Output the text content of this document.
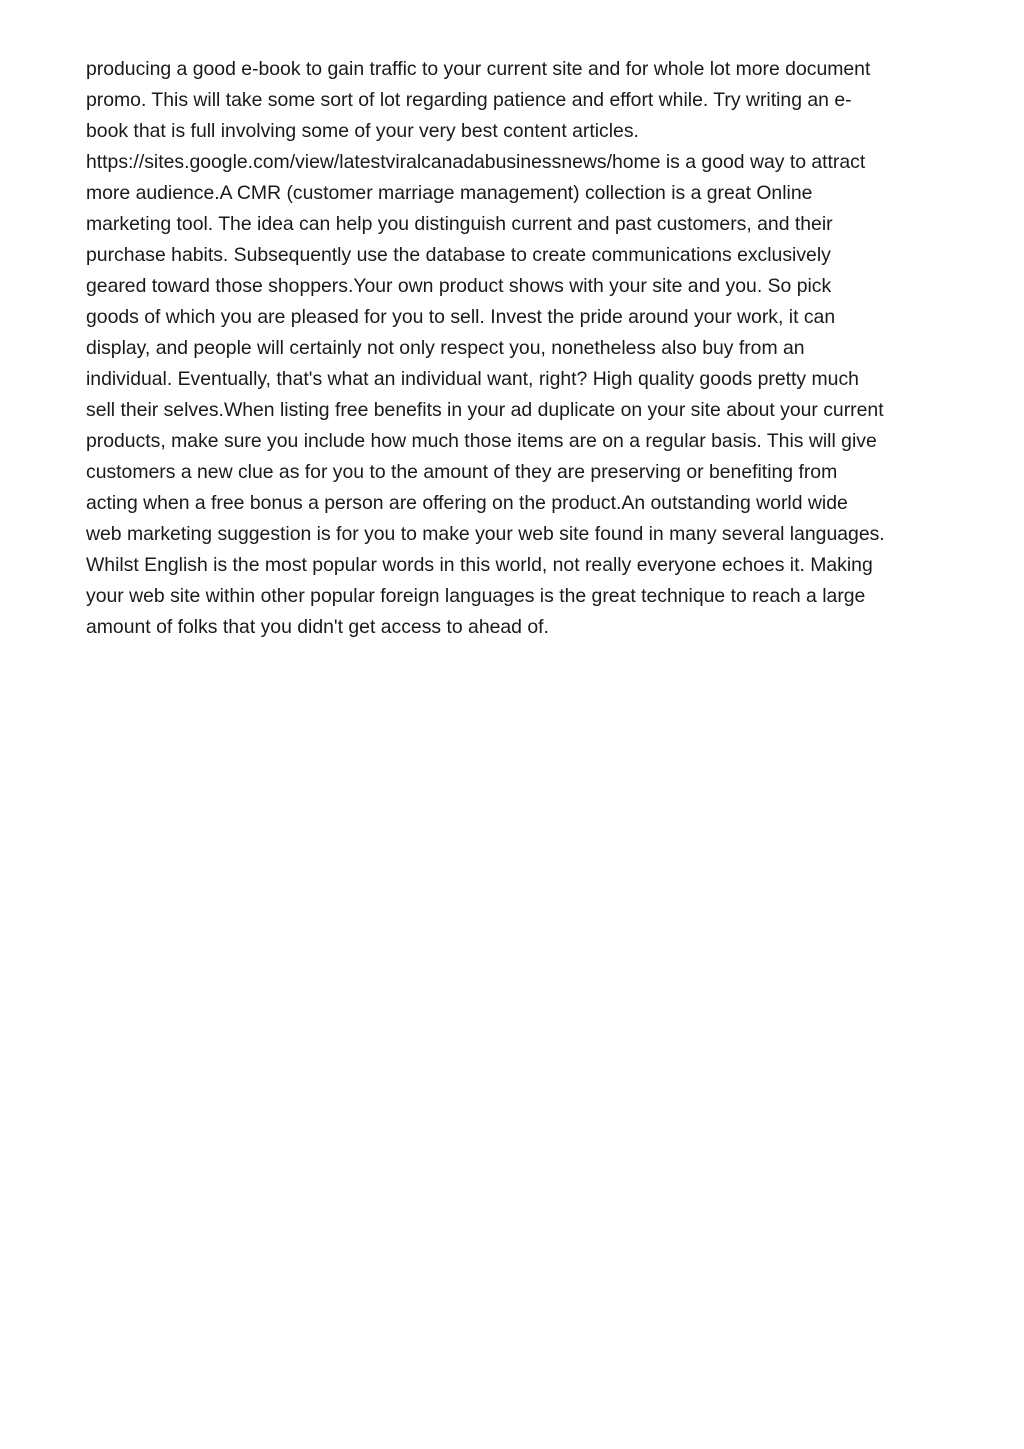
producing a good e-book to gain traffic to your current site and for whole lot more document
promo. This will take some sort of lot regarding patience and effort while. Try writing an e-
book that is full involving some of your very best content articles.
https://sites.google.com/view/latestviralcanadabusinessnews/home is a good way to attract
more audience.A CMR (customer marriage management) collection is a great Online
marketing tool. The idea can help you distinguish current and past customers, and their
purchase habits. Subsequently use the database to create communications exclusively
geared toward those shoppers.Your own product shows with your site and you. So pick
goods of which you are pleased for you to sell. Invest the pride around your work, it can
display, and people will certainly not only respect you, nonetheless also buy from an
individual. Eventually, that's what an individual want, right? High quality goods pretty much
sell their selves.When listing free benefits in your ad duplicate on your site about your current
products, make sure you include how much those items are on a regular basis. This will give
customers a new clue as for you to the amount of they are preserving or benefiting from
acting when a free bonus a person are offering on the product.An outstanding world wide
web marketing suggestion is for you to make your web site found in many several languages.
Whilst English is the most popular words in this world, not really everyone echoes it. Making
your web site within other popular foreign languages is the great technique to reach a large
amount of folks that you didn't get access to ahead of.
